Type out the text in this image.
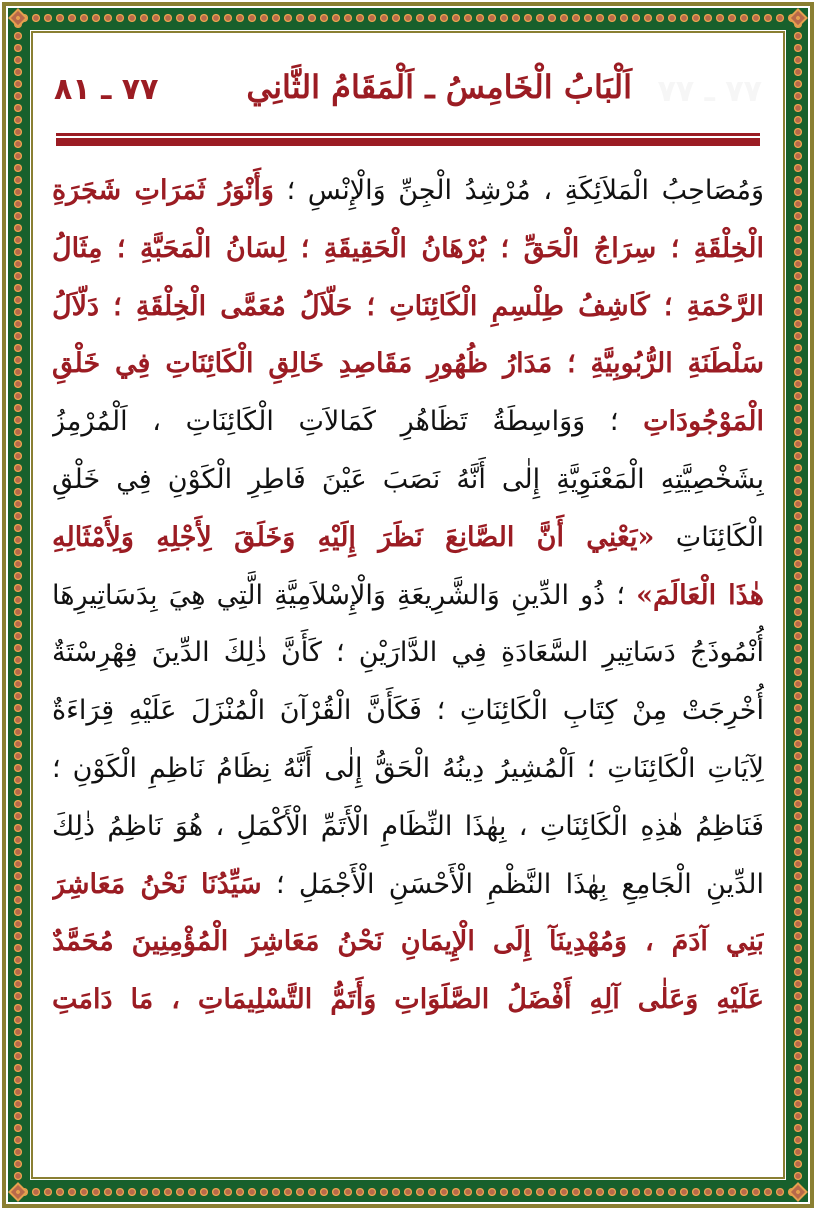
٧٧ ـ ٧٧
اَلْبَابُ الْخَامِسُ ـ اَلْمَقَامُ الثَّانِي
٧٧ ـ ٨١
وَمُصَاحِبُ الْمَلاَئِكَةِ ، مُرْشِدُ الْجِنِّ وَالْإِنْسِ ؛ وَأَنْوَرُ ثَمَرَاتِ شَجَرَةِ
الْخِلْقَةِ ؛ سِرَاجُ الْحَقِّ ؛ بُرْهَانُ الْحَقِيقَةِ ؛ لِسَانُ الْمَحَبَّةِ ؛ مِثَالُ
الرَّحْمَةِ ؛ كَاشِفُ طِلْسِمِ الْكَائِنَاتِ ؛ حَلّاَلُ مُعَمَّى الْخِلْقَةِ ؛ دَلّاَلُ
سَلْطَنَةِ الرُّبُوبِيَّةِ ؛ مَدَارُ ظُهُورِ مَقَاصِدِ خَالِقِ الْكَائِنَاتِ فِي خَلْقِ
الْمَوْجُودَاتِ ؛ وَوَاسِطَةُ تَظَاهُرِ كَمَالاَتِ الْكَائِنَاتِ ، اَلْمُرْمِزُ
بِشَخْصِيَّتِهِ الْمَعْنَوِيَّةِ إِلٰى أَنَّهُ نَصَبَ عَيْنَ فَاطِرِ الْكَوْنِ فِي خَلْقِ
الْكَائِنَاتِ «يَعْنِي أَنَّ الصَّانِعَ نَظَرَ إِلَيْهِ وَخَلَقَ لِأَجْلِهِ وَلِأَمْثَالِهِ
هٰذَا الْعَالَمَ» ؛ ذُو الدِّينِ وَالشَّرِيعَةِ وَالْإِسْلاَمِيَّةِ الَّتِي هِيَ بِدَسَاتِيرِهَا
أُنْمُوذَجُ دَسَاتِيرِ السَّعَادَةِ فِي الدَّارَيْنِ ؛ كَأَنَّ ذٰلِكَ الدِّينَ فِهْرِسْتَةٌ
أُخْرِجَتْ مِنْ كِتَابِ الْكَائِنَاتِ ؛ فَكَأَنَّ الْقُرْآنَ الْمُنْزَلَ عَلَيْهِ قِرَاءَةٌ
لِآيَاتِ الْكَائِنَاتِ ؛ اَلْمُشِيرُ دِينُهُ الْحَقُّ إِلٰى أَنَّهُ نِظَامُ نَاظِمِ الْكَوْنِ ؛
فَنَاظِمُ هٰذِهِ الْكَائِنَاتِ ، بِهٰذَا النِّظَامِ الْأَتَمِّ الْأَكْمَلِ ، هُوَ نَاظِمُ ذٰلِكَ
الدِّينِ الْجَامِعِ بِهٰذَا النَّظْمِ الْأَحْسَنِ الْأَجْمَلِ ؛ سَيِّدُنَا نَحْنُ مَعَاشِرَ
بَنِي آدَمَ ، وَمُهْدِينَآ إِلَى الْإِيمَانِ نَحْنُ مَعَاشِرَ الْمُؤْمِنِينَ مُحَمَّدٌ
عَلَيْهِ وَعَلٰى آلِهِ أَفْضَلُ الصَّلَوَاتِ وَأَتَمُّ التَّسْلِيمَاتِ ، مَا دَامَتِ
